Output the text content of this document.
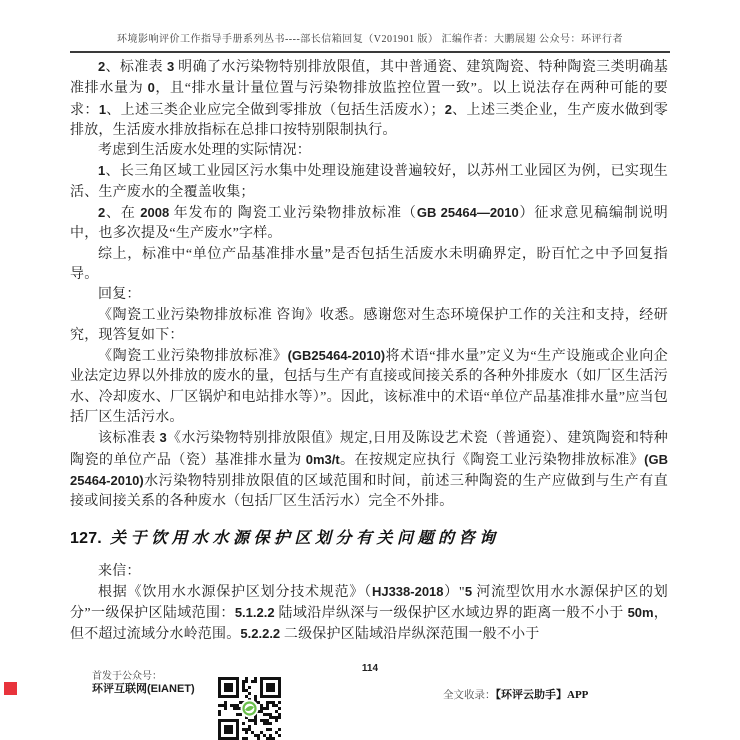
环境影响评价工作指导手册系列丛书----部长信箱回复（V201901 版） 汇编作者：大鹏展翅 公众号：环评行者

2、标准表 3 明确了水污染物特别排放限值，其中普通瓷、建筑陶瓷、特种陶瓷三类明确基准排水量为 0，且“排水量计量位置与污染物排放监控位置一致”。以上说法存在两种可能的要求：1、上述三类企业应完全做到零排放（包括生活废水）；2、上述三类企业，生产废水做到零排放，生活废水排放指标在总排口按特别限制执行。

考虑到生活废水处理的实际情况：

1、长三角区域工业园区污水集中处理设施建设普遍较好，以苏州工业园区为例，已实现生活、生产废水的全覆盖收集；

2、在 2008 年发布的 陶瓷工业污染物排放标准（GB 25464—2010）征求意见稿编制说明中，也多次提及“生产废水”字样。

综上，标准中“单位产品基准排水量”是否包括生活废水未明确界定，盼百忙之中予回复指导。

回复：

《陶瓷工业污染物排放标准 咨询》收悉。感谢您对生态环境保护工作的关注和支持，经研究，现答复如下：

《陶瓷工业污染物排放标准》(GB25464-2010)将术语“排水量”定义为“生产设施或企业向企业法定边界以外排放的废水的量，包括与生产有直接或间接关系的各种外排废水（如厂区生活污水、冷却废水、厂区锅炉和电站排水等）”。因此，该标准中的术语“单位产品基准排水量”应当包括厂区生活污水。

该标准表 3《水污染物特别排放限值》规定,日用及陈设艺术瓷（普通瓷）、建筑陶瓷和特种陶瓷的单位产品（瓷）基准排水量为 0m3/t。在按规定应执行《陶瓷工业污染物排放标准》(GB 25464-2010)水污染物特别排放限值的区域范围和时间，前述三种陶瓷的生产应做到与生产有直接或间接关系的各种废水（包括厂区生活污水）完全不外排。

127. 关于饮用水水源保护区划分有关问题的咨询

来信：

根据《饮用水水源保护区划分技术规范》（HJ338-2018）"5 河流型饮用水水源保护区的划分”一级保护区陆域范围：5.1.2.2 陆域沿岸纵深与一级保护区水域边界的距离一般不小于 50m，但不超过流域分水岭范围。5.2.2.2 二级保护区陆域沿岸纵深范围一般不小于

114
首发于公众号：
环评互联网(EIANET)
全文收录：【环评云助手】APP
